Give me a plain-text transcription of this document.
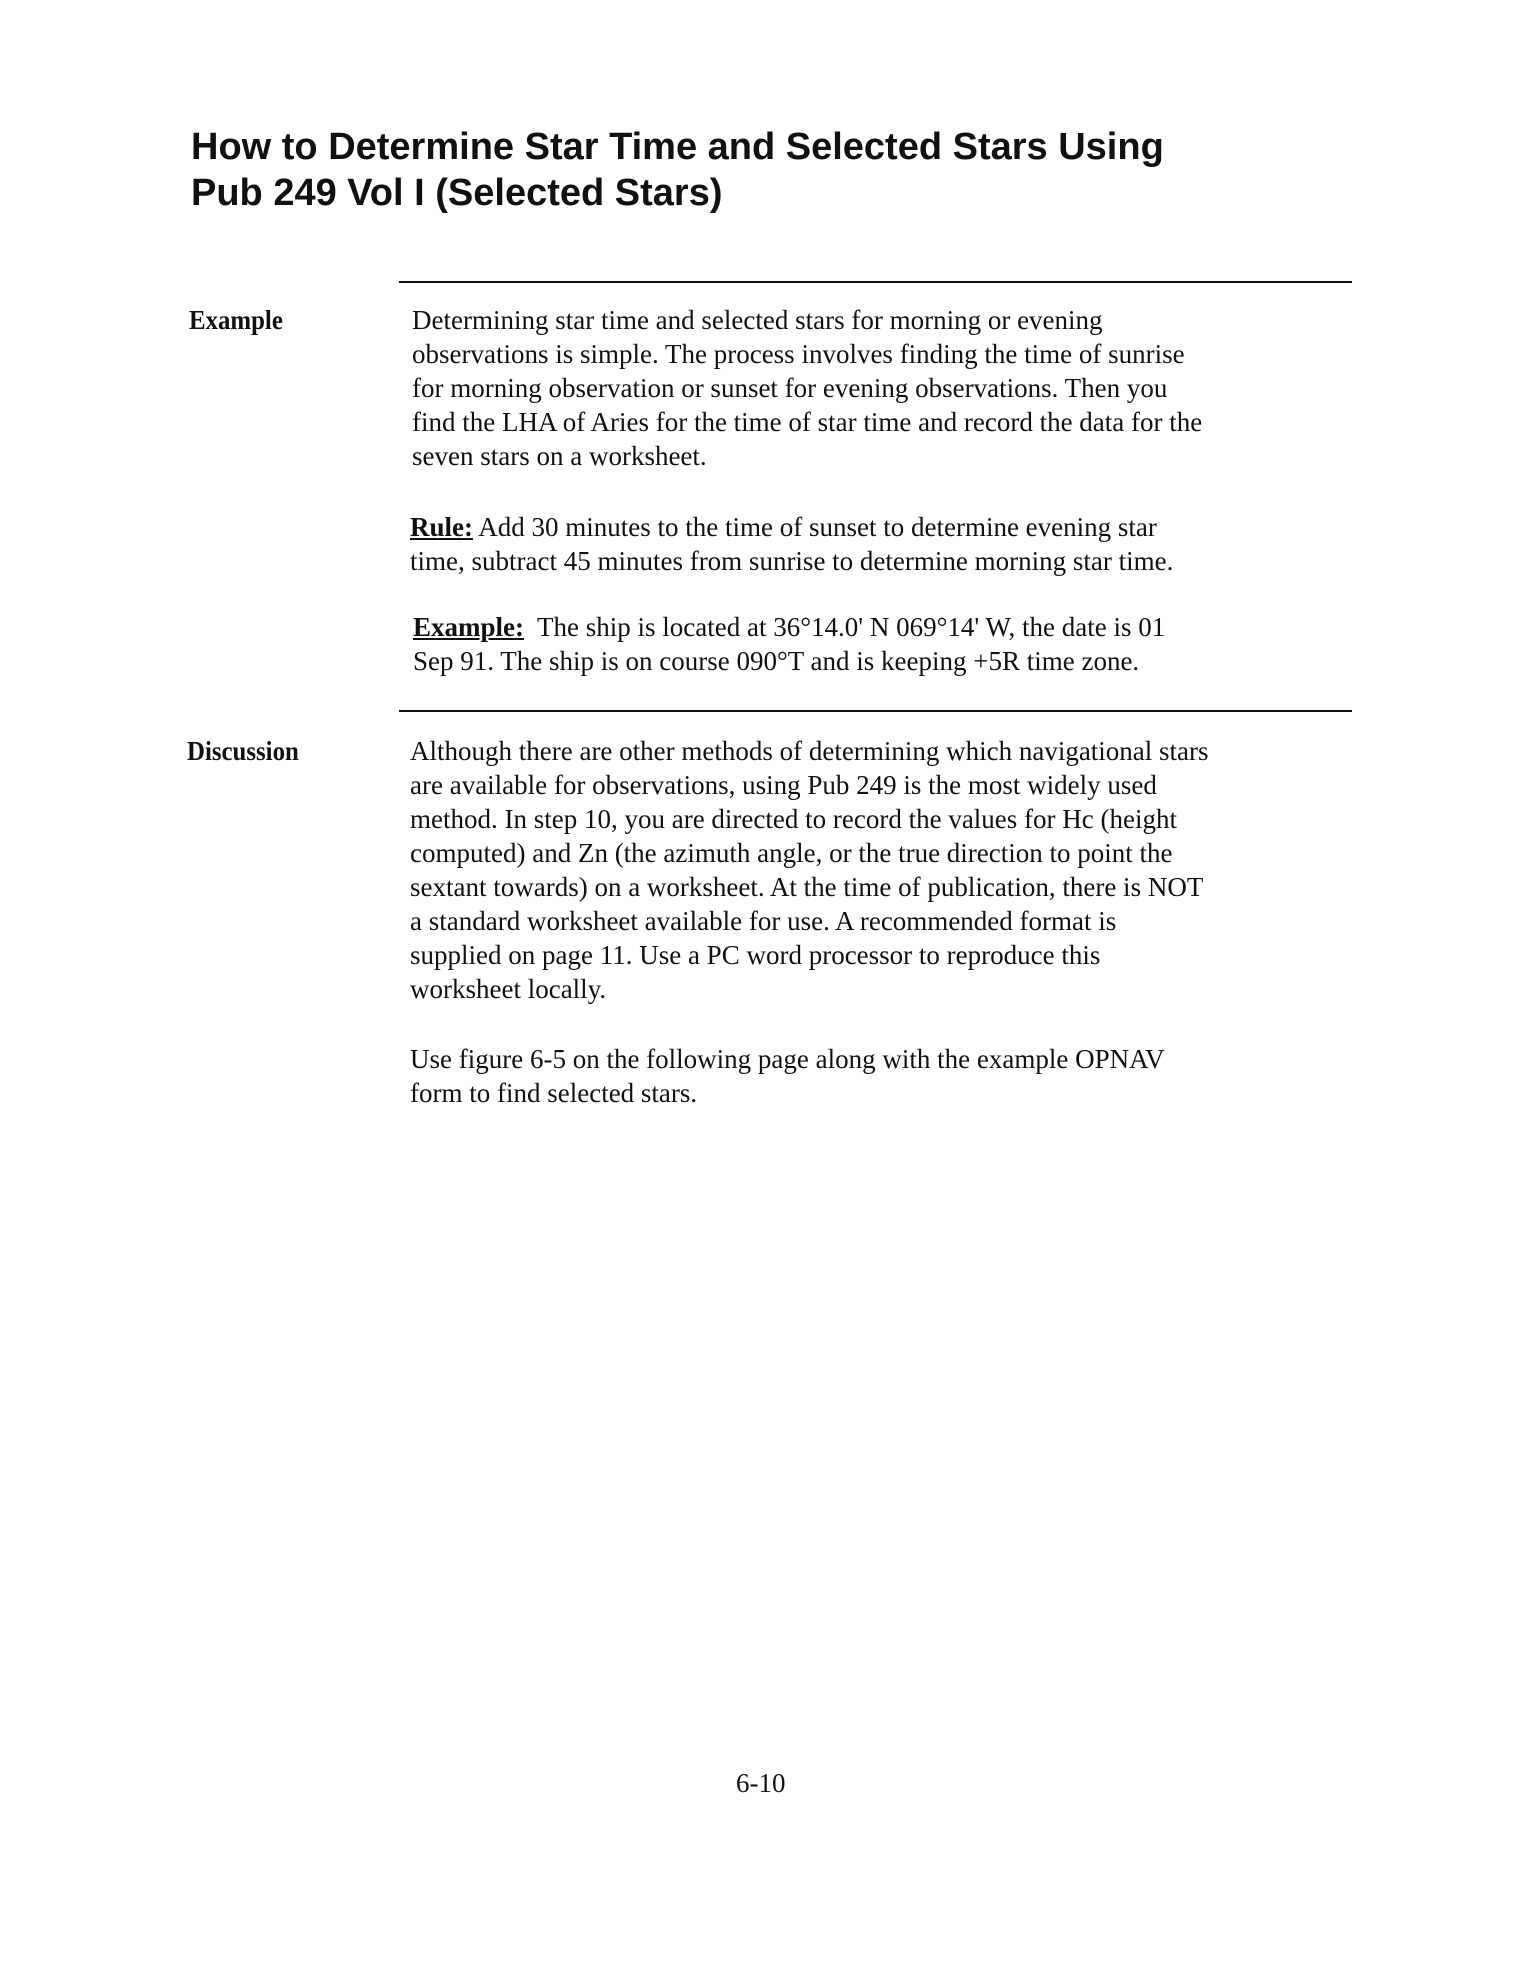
How to Determine Star Time and Selected Stars Using
Pub 249 Vol I (Selected Stars)
Example	Determining star time and selected stars for morning or evening
observations is simple. The process involves finding the time of sunrise
for morning observation or sunset for evening observations. Then you
find the LHA of Aries for the time of star time and record the data for the
seven stars on a worksheet.
Rule: Add 30 minutes to the time of sunset to determine evening star
time, subtract 45 minutes from sunrise to determine morning star time.
Example: The ship is located at 36°14.0' N 069°14' W, the date is 01
Sep 91. The ship is on course 090°T and is keeping +5R time zone.
Discussion	Although there are other methods of determining which navigational stars
are available for observations, using Pub 249 is the most widely used
method. In step 10, you are directed to record the values for Hc (height
computed) and Zn (the azimuth angle, or the true direction to point the
sextant towards) on a worksheet. At the time of publication, there is NOT
a standard worksheet available for use. A recommended format is
supplied on page 11. Use a PC word processor to reproduce this
worksheet locally.
Use figure 6-5 on the following page along with the example OPNAV
form to find selected stars.
6-10
